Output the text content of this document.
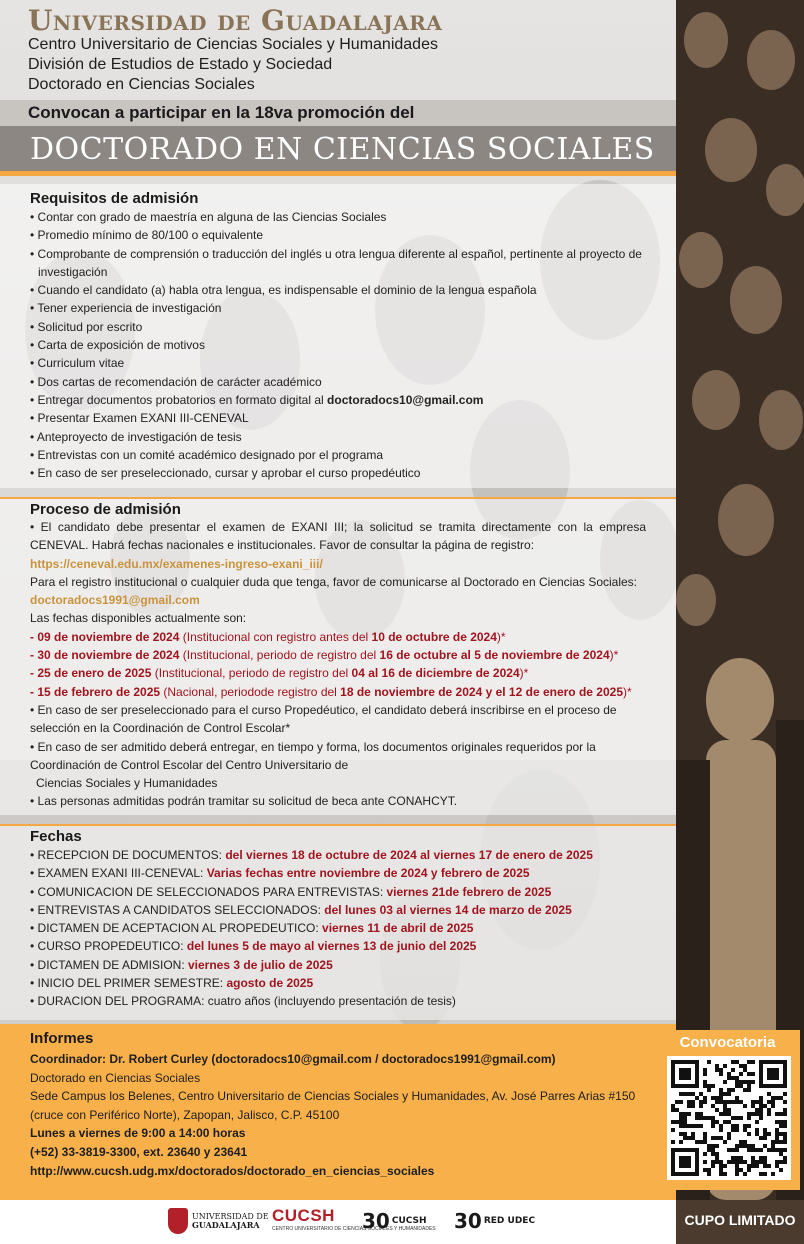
Universidad de Guadalajara
Centro Universitario de Ciencias Sociales y Humanidades
División de Estudios de Estado y Sociedad
Doctorado en Ciencias Sociales
Convocan a participar en la 18va promoción del
DOCTORADO EN CIENCIAS SOCIALES
Requisitos de admisión
• Contar con grado de maestría en alguna de las Ciencias Sociales
• Promedio mínimo de 80/100 o equivalente
• Comprobante de comprensión o traducción del inglés u otra lengua diferente al español, pertinente al proyecto de
investigación
• Cuando el candidato (a) habla otra lengua, es indispensable el dominio de la lengua española
• Tener experiencia de investigación
• Solicitud por escrito
• Carta de exposición de motivos
• Curriculum vitae
• Dos cartas de recomendación de carácter académico
• Entregar documentos probatorios en formato digital al doctoradocs10@gmail.com
• Presentar Examen EXANI III-CENEVAL
• Anteproyecto de investigación de tesis
• Entrevistas con un comité académico designado por el programa
• En caso de ser preseleccionado, cursar y aprobar el curso propedéutico
Proceso de admisión
• El candidato debe presentar el examen de EXANI III; la solicitud se tramita directamente con la empresa CENEVAL. Habrá fechas nacionales e institucionales. Favor de consultar la página de registro:
https://ceneval.edu.mx/examenes-ingreso-exani_iii/
Para el registro institucional o cualquier duda que tenga, favor de comunicarse al Doctorado en Ciencias Sociales:
doctoradocs1991@gmail.com
Las fechas disponibles actualmente son:
- 09 de noviembre de 2024 (Institucional con registro antes del 10 de octubre de 2024)*
- 30 de noviembre de 2024 (Institucional, periodo de registro del 16 de octubre al 5 de noviembre de 2024)*
- 25 de enero de 2025 (Institucional, periodo de registro del 04 al 16 de diciembre de 2024)*
- 15 de febrero de 2025 (Nacional, periodode registro del 18 de noviembre de 2024 y el 12 de enero de 2025)*
• En caso de ser preseleccionado para el curso Propedéutico, el candidato deberá inscribirse en el proceso de selección en la Coordinación de Control Escolar*
• En caso de ser admitido deberá entregar, en tiempo y forma, los documentos originales requeridos por la Coordinación de Control Escolar del Centro Universitario de
Ciencias Sociales y Humanidades
• Las personas admitidas podrán tramitar su solicitud de beca ante CONAHCYT.
Fechas
• RECEPCION DE DOCUMENTOS: del viernes 18 de octubre de 2024 al viernes 17 de enero de 2025
• EXAMEN EXANI III-CENEVAL: Varias fechas entre noviembre de 2024 y febrero de 2025
• COMUNICACION DE SELECCIONADOS PARA ENTREVISTAS: viernes 21de febrero de 2025
• ENTREVISTAS A CANDIDATOS SELECCIONADOS: del lunes 03 al viernes 14 de marzo de 2025
• DICTAMEN DE ACEPTACION AL PROPEDEUTICO: viernes 11 de abril de 2025
• CURSO PROPEDEUTICO: del lunes 5 de mayo al viernes 13 de junio del 2025
• DICTAMEN DE ADMISION: viernes 3 de julio de 2025
• INICIO DEL PRIMER SEMESTRE: agosto de 2025
• DURACION DEL PROGRAMA: cuatro años (incluyendo presentación de tesis)
Informes
Coordinador: Dr. Robert Curley (doctoradocs10@gmail.com / doctoradocs1991@gmail.com)
Doctorado en Ciencias Sociales
Sede Campus los Belenes, Centro Universitario de Ciencias Sociales y Humanidades, Av. José Parres Arias #150 (cruce con Periférico Norte), Zapopan, Jalisco, C.P. 45100
Lunes a viernes de 9:00 a 14:00 horas
(+52) 33-3819-3300, ext. 23640 y 23641
http://www.cucsh.udg.mx/doctorados/doctorado_en_ciencias_sociales
Convocatoria
UNIVERSIDAD DE
GUADALAJARA CUCSH
CENTRO UNIVERSITARIO DE CIENCIAS SOCIALES Y HUMANIDADES
30 CUCSH 30 RED UDEC	CUPO LIMITADO
